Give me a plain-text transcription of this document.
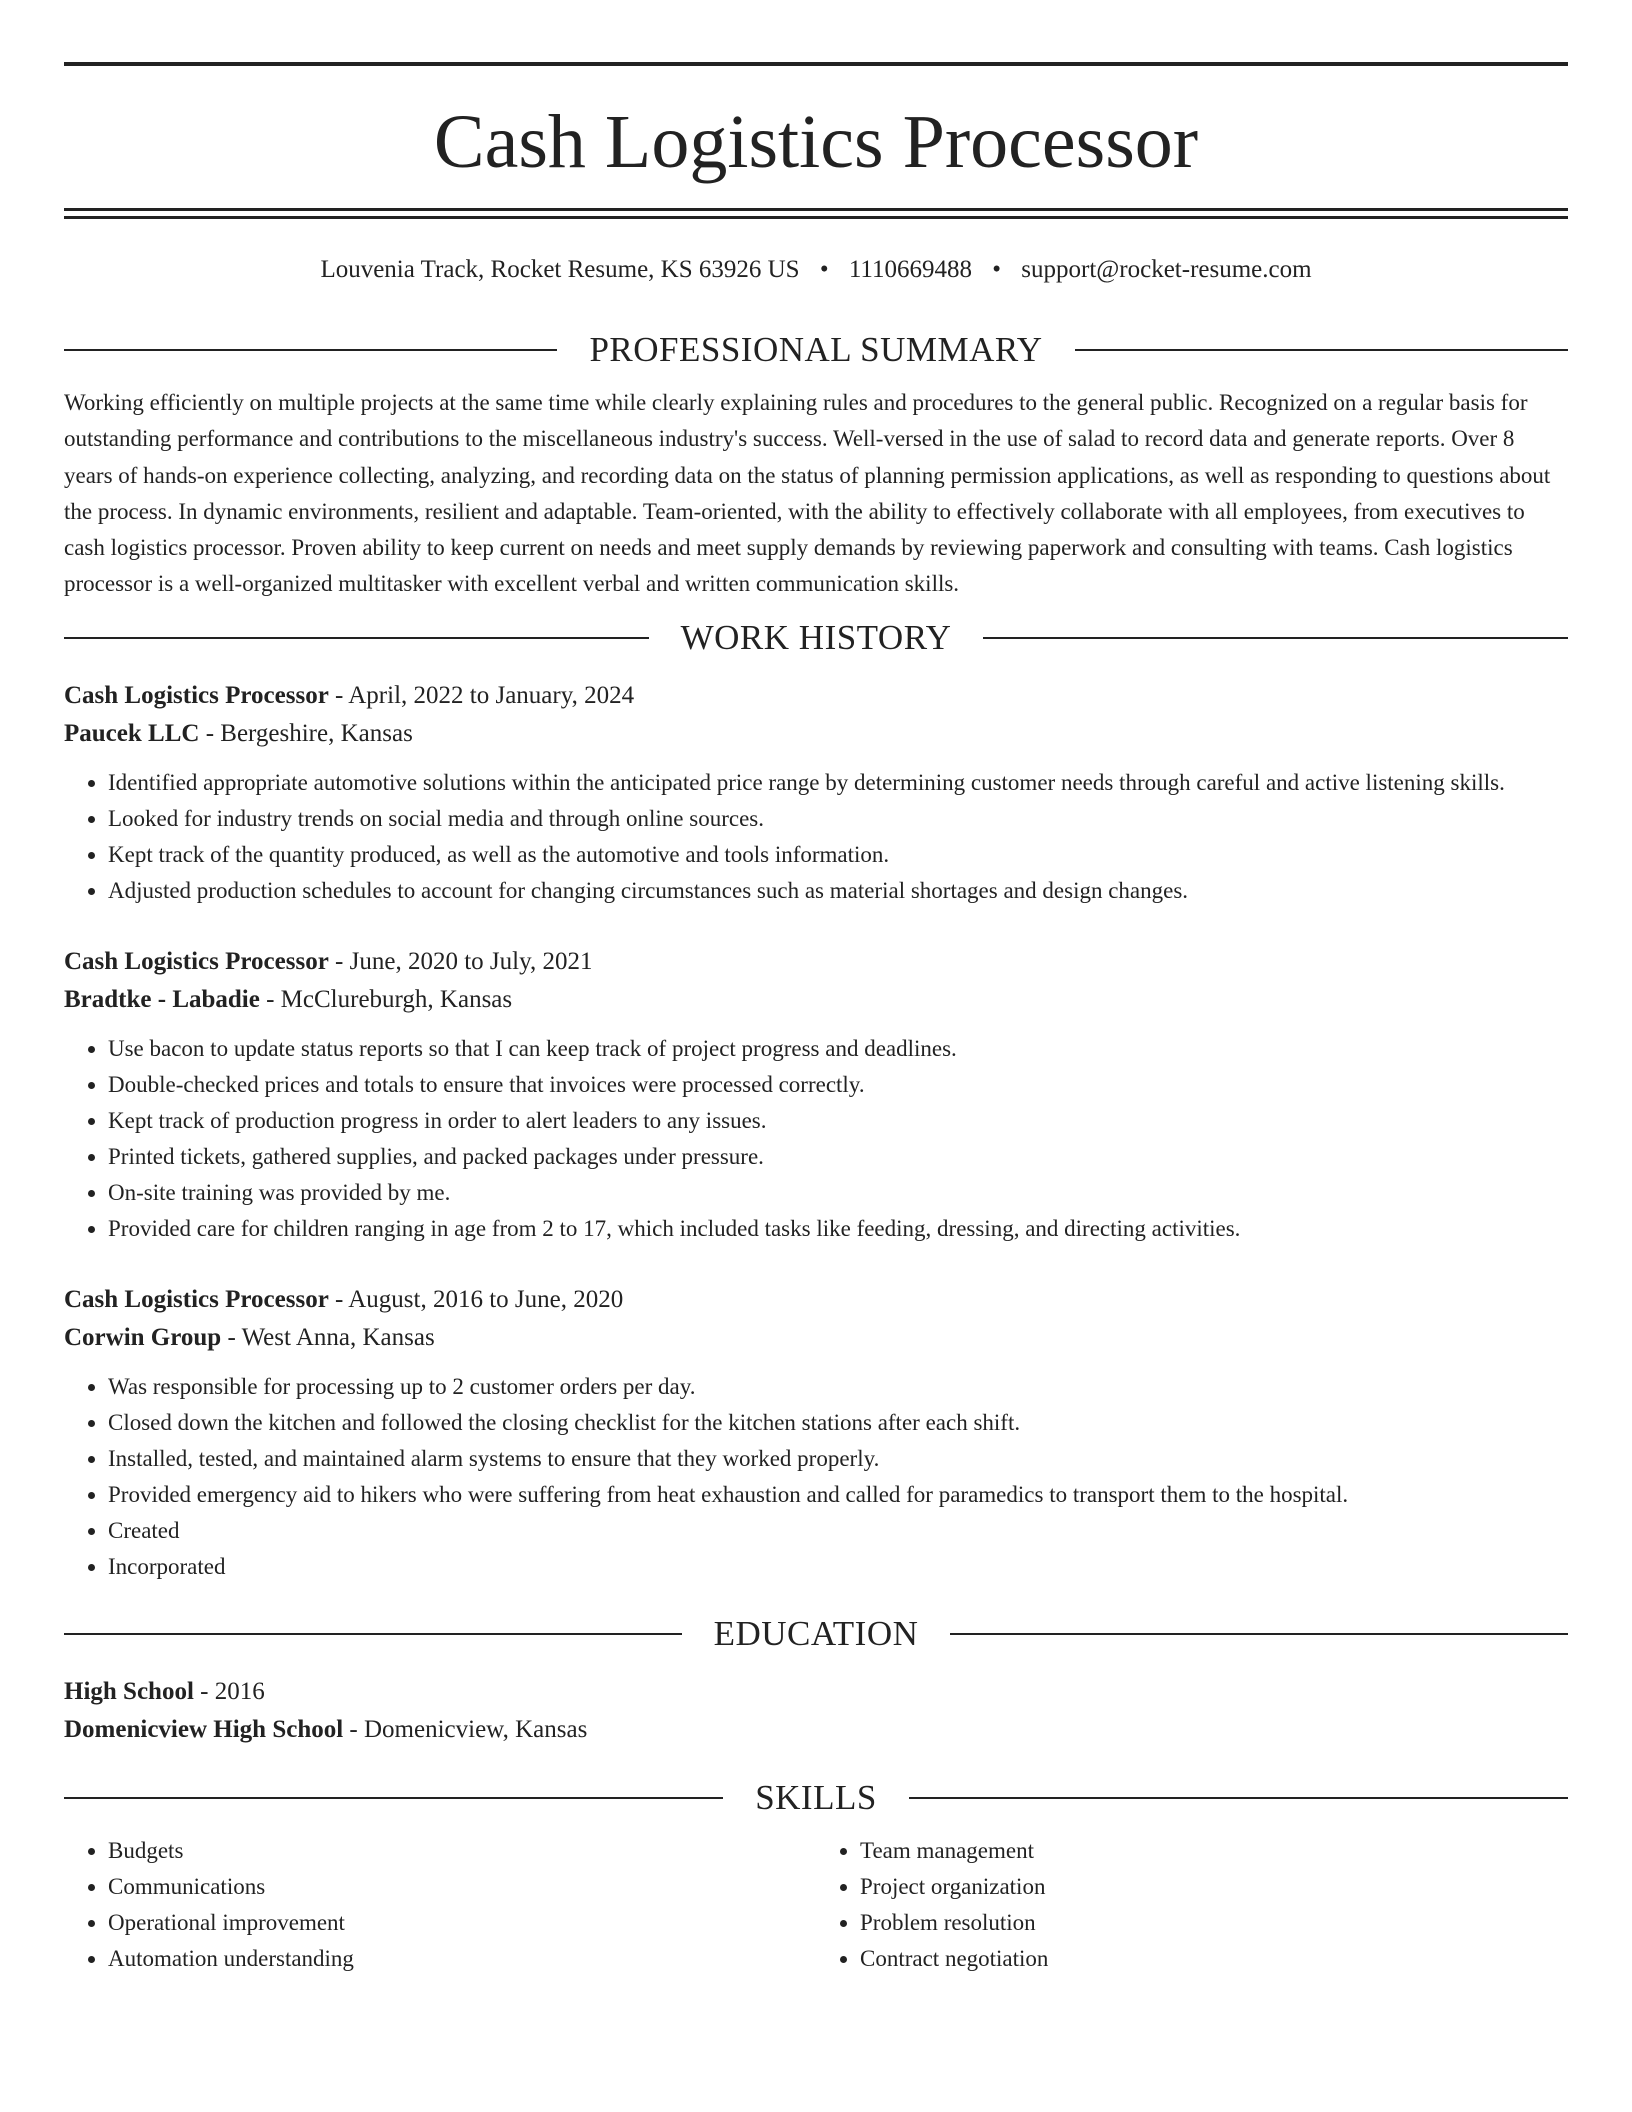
Cash Logistics Processor
Louvenia Track, Rocket Resume, KS 63926 US • 1110669488 • support@rocket-resume.com
PROFESSIONAL SUMMARY

Working efficiently on multiple projects at the same time while clearly explaining rules and procedures to the general public. Recognized on a regular basis for outstanding performance and contributions to the miscellaneous industry's success. Well-versed in the use of salad to record data and generate reports. Over 8 years of hands-on experience collecting, analyzing, and recording data on the status of planning permission applications, as well as responding to questions about the process. In dynamic environments, resilient and adaptable. Team-oriented, with the ability to effectively collaborate with all employees, from executives to cash logistics processor. Proven ability to keep current on needs and meet supply demands by reviewing paperwork and consulting with teams. Cash logistics processor is a well-organized multitasker with excellent verbal and written communication skills.

WORK HISTORY
Cash Logistics Processor - April, 2022 to January, 2024
Paucek LLC - Bergeshire, Kansas
• Identified appropriate automotive solutions within the anticipated price range by determining customer needs through careful and active listening skills.
• Looked for industry trends on social media and through online sources.
• Kept track of the quantity produced, as well as the automotive and tools information.
• Adjusted production schedules to account for changing circumstances such as material shortages and design changes.
Cash Logistics Processor - June, 2020 to July, 2021
Bradtke - Labadie - McClureburgh, Kansas
• Use bacon to update status reports so that I can keep track of project progress and deadlines.
• Double-checked prices and totals to ensure that invoices were processed correctly.
• Kept track of production progress in order to alert leaders to any issues.
• Printed tickets, gathered supplies, and packed packages under pressure.
• On-site training was provided by me.
• Provided care for children ranging in age from 2 to 17, which included tasks like feeding, dressing, and directing activities.
Cash Logistics Processor - August, 2016 to June, 2020
Corwin Group - West Anna, Kansas
• Was responsible for processing up to 2 customer orders per day.
• Closed down the kitchen and followed the closing checklist for the kitchen stations after each shift.
• Installed, tested, and maintained alarm systems to ensure that they worked properly.
• Provided emergency aid to hikers who were suffering from heat exhaustion and called for paramedics to transport them to the hospital.
• Created
• Incorporated
EDUCATION
High School - 2016
Domenicview High School - Domenicview, Kansas
SKILLS
• Budgets
• Communications
• Operational improvement
• Automation understanding
• Team management
• Project organization
• Problem resolution
• Contract negotiation
